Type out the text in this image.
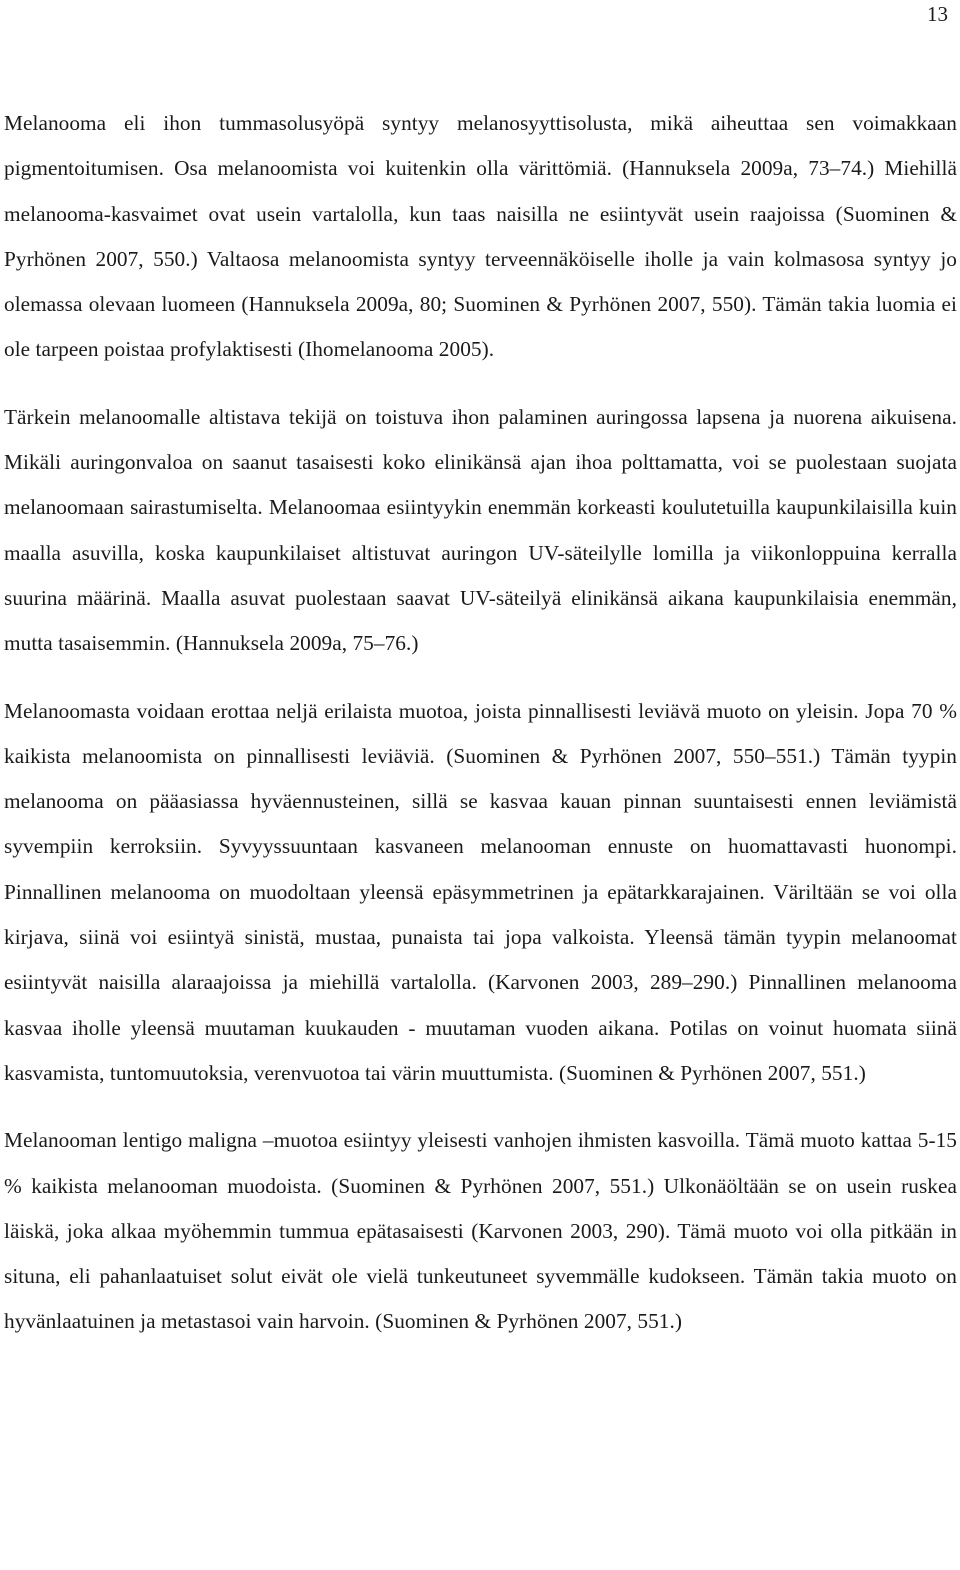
13

Melanooma eli ihon tummasolusyöpä syntyy melanosyyttisolusta, mikä aiheuttaa sen voimakkaan pigmentoitumisen. Osa melanoomista voi kuitenkin olla värittömiä. (Hannuksela 2009a, 73–74.) Miehillä melanooma-kasvaimet ovat usein vartalolla, kun taas naisilla ne esiintyvät usein raajoissa (Suominen & Pyrhönen 2007, 550.) Valtaosa melanoomista syntyy terveennäköiselle iholle ja vain kolmasosa syntyy jo olemassa olevaan luomeen (Hannuksela 2009a, 80; Suominen & Pyrhönen 2007, 550). Tämän takia luomia ei ole tarpeen poistaa profylaktisesti (Ihomelanooma 2005).

Tärkein melanoomalle altistava tekijä on toistuva ihon palaminen auringossa lapsena ja nuorena aikuisena. Mikäli auringonvaloa on saanut tasaisesti koko elinikänsä ajan ihoa polttamatta, voi se puolestaan suojata melanoomaan sairastumiselta. Melanoomaa esiintyykin enemmän korkeasti koulutetuilla kaupunkilaisilla kuin maalla asuvilla, koska kaupunkilaiset altistuvat auringon UV-säteilylle lomilla ja viikonloppuina kerralla suurina määrinä. Maalla asuvat puolestaan saavat UV-säteilyä elinikänsä aikana kaupunkilaisia enemmän, mutta tasaisemmin. (Hannuksela 2009a, 75–76.)

Melanoomasta voidaan erottaa neljä erilaista muotoa, joista pinnallisesti leviävä muoto on yleisin. Jopa 70 % kaikista melanoomista on pinnallisesti leviäviä. (Suominen & Pyrhönen 2007, 550–551.) Tämän tyypin melanooma on pääasiassa hyväennusteinen, sillä se kasvaa kauan pinnan suuntaisesti ennen leviämistä syvempiin kerroksiin. Syvyyssuuntaan kasvaneen melanooman ennuste on huomattavasti huonompi. Pinnallinen melanooma on muodoltaan yleensä epäsymmetrinen ja epätarkkarajainen. Väriltään se voi olla kirjava, siinä voi esiintyä sinistä, mustaa, punaista tai jopa valkoista. Yleensä tämän tyypin melanoomat esiintyvät naisilla alaraajoissa ja miehillä vartalolla. (Karvonen 2003, 289–290.) Pinnallinen melanooma kasvaa iholle yleensä muutaman kuukauden - muutaman vuoden aikana. Potilas on voinut huomata siinä kasvamista, tuntomuutoksia, verenvuotoa tai värin muuttumista. (Suominen & Pyrhönen 2007, 551.)

Melanooman lentigo maligna –muotoa esiintyy yleisesti vanhojen ihmisten kasvoilla. Tämä muoto kattaa 5-15 % kaikista melanooman muodoista. (Suominen & Pyrhönen 2007, 551.) Ulkonäöltään se on usein ruskea läiskä, joka alkaa myöhemmin tummua epätasaisesti (Karvonen 2003, 290). Tämä muoto voi olla pitkään in situna, eli pahanlaatuiset solut eivät ole vielä tunkeutuneet syvemmälle kudokseen. Tämän takia muoto on hyvänlaatuinen ja metastasoi vain harvoin. (Suominen & Pyrhönen 2007, 551.)
